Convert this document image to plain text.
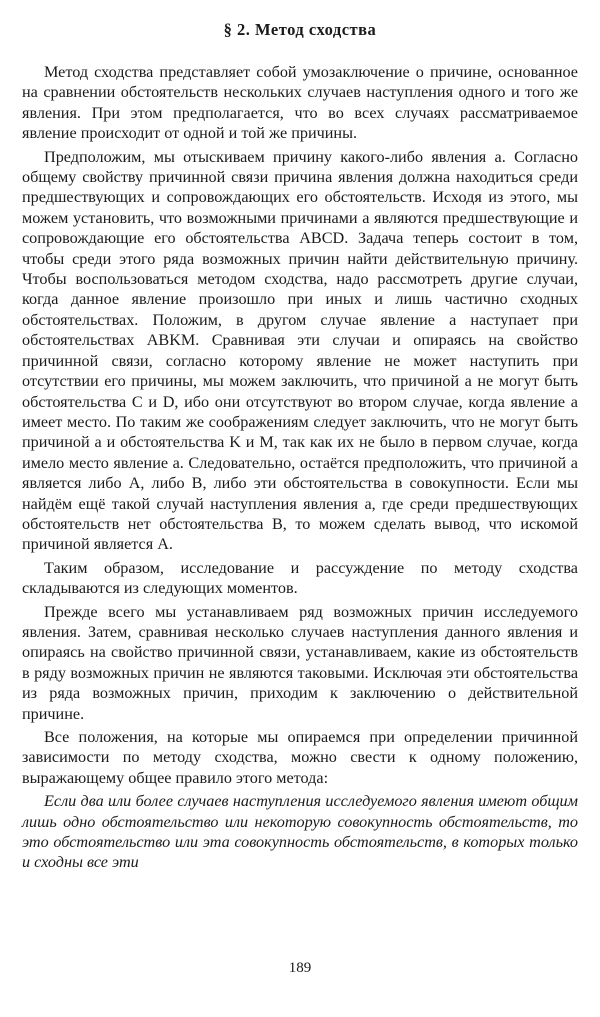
§ 2. Метод сходства

Метод сходства представляет собой умозаключение о причине, основанное на сравнении обстоятельств нескольких случаев наступления одного и того же явления. При этом предполагается, что во всех случаях рассматриваемое явление происходит от одной и той же причины.

Предположим, мы отыскиваем причину какого-либо явления a. Согласно общему свойству причинной связи причина явления должна находиться среди предшествующих и сопровождающих его обстоятельств. Исходя из этого, мы можем установить, что возможными причинами a являются предшествующие и сопровождающие его обстоятельства ABCD. Задача теперь состоит в том, чтобы среди этого ряда возможных причин найти действительную причину. Чтобы воспользоваться методом сходства, надо рассмотреть другие случаи, когда данное явление произошло при иных и лишь частично сходных обстоятельствах. Положим, в другом случае явление a наступает при обстоятельствах ABKM. Сравнивая эти случаи и опираясь на свойство причинной связи, согласно которому явление не может наступить при отсутствии его причины, мы можем заключить, что причиной a не могут быть обстоятельства C и D, ибо они отсутствуют во втором случае, когда явление a имеет место. По таким же соображениям следует заключить, что не могут быть причиной a и обстоятельства K и M, так как их не было в первом случае, когда имело место явление a. Следовательно, остаётся предположить, что причиной a является либо A, либо B, либо эти обстоятельства в совокупности. Если мы найдём ещё такой случай наступления явления a, где среди предшествующих обстоятельств нет обстоятельства B, то можем сделать вывод, что искомой причиной является A.

Таким образом, исследование и рассуждение по методу сходства складываются из следующих моментов.

Прежде всего мы устанавливаем ряд возможных причин исследуемого явления. Затем, сравнивая несколько случаев наступления данного явления и опираясь на свойство причинной связи, устанавливаем, какие из обстоятельств в ряду возможных причин не являются таковыми. Исключая эти обстоятельства из ряда возможных причин, приходим к заключению о действительной причине.

Все положения, на которые мы опираемся при определении причинной зависимости по методу сходства, можно свести к одному положению, выражающему общее правило этого метода:

Если два или более случаев наступления исследуемого явления имеют общим лишь одно обстоятельство или некоторую совокупность обстоятельств, то это обстоятельство или эта совокупность обстоятельств, в которых только и сходны все эти

189
